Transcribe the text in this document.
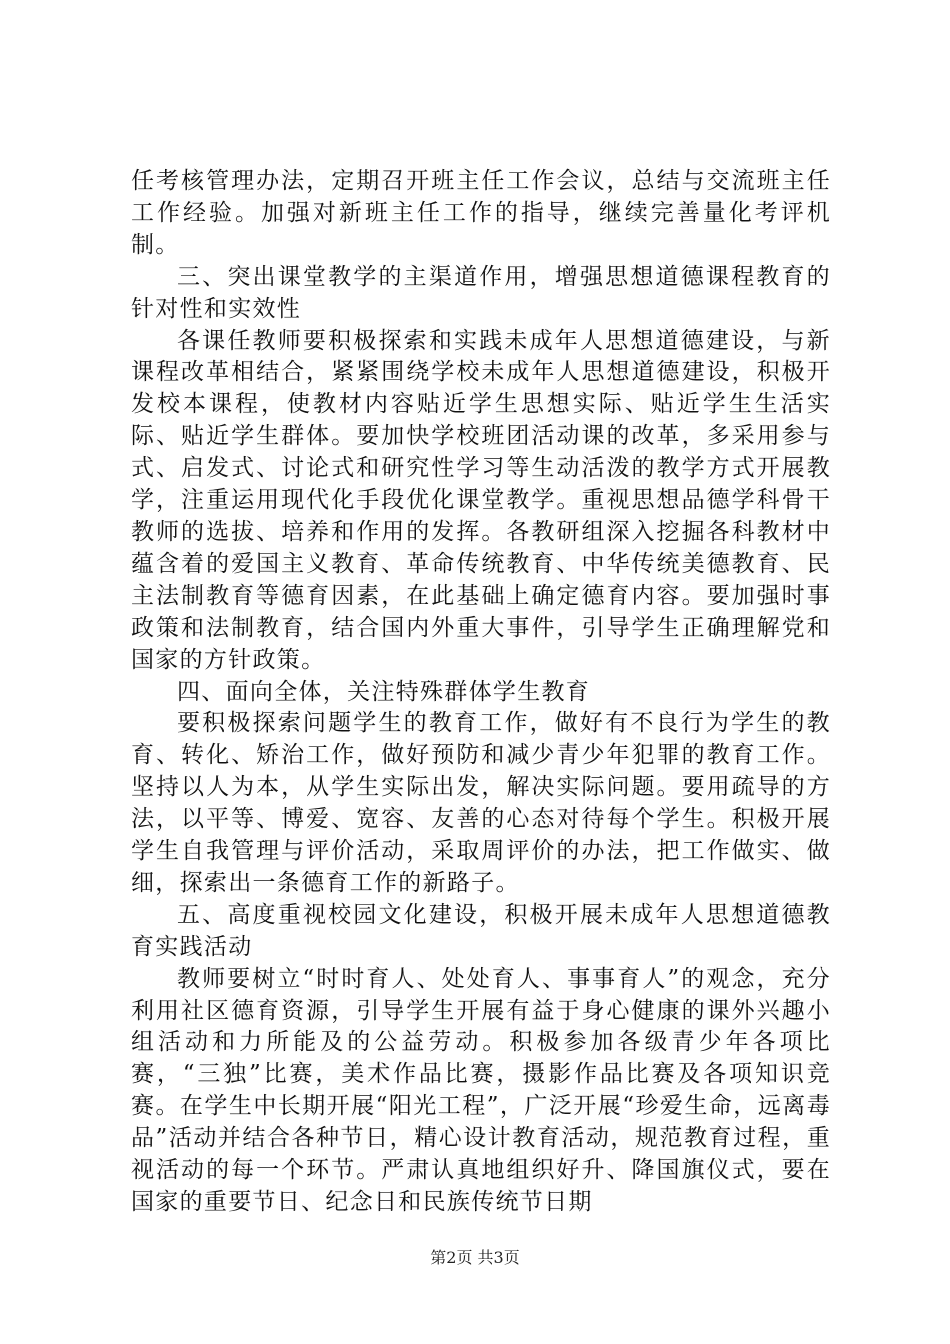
任考核管理办法，定期召开班主任工作会议，总结与交流班主任工作经验。加强对新班主任工作的指导，继续完善量化考评机制。

三、突出课堂教学的主渠道作用，增强思想道德课程教育的针对性和实效性

各课任教师要积极探索和实践未成年人思想道德建设，与新课程改革相结合，紧紧围绕学校未成年人思想道德建设，积极开发校本课程，使教材内容贴近学生思想实际、贴近学生生活实际、贴近学生群体。要加快学校班团活动课的改革，多采用参与式、启发式、讨论式和研究性学习等生动活泼的教学方式开展教学，注重运用现代化手段优化课堂教学。重视思想品德学科骨干教师的选拔、培养和作用的发挥。各教研组深入挖掘各科教材中蕴含着的爱国主义教育、革命传统教育、中华传统美德教育、民主法制教育等德育因素，在此基础上确定德育内容。要加强时事政策和法制教育，结合国内外重大事件，引导学生正确理解党和国家的方针政策。

四、面向全体，关注特殊群体学生教育

要积极探索问题学生的教育工作，做好有不良行为学生的教育、转化、矫治工作，做好预防和减少青少年犯罪的教育工作。坚持以人为本，从学生实际出发，解决实际问题。要用疏导的方法，以平等、博爱、宽容、友善的心态对待每个学生。积极开展学生自我管理与评价活动，采取周评价的办法，把工作做实、做细，探索出一条德育工作的新路子。

五、高度重视校园文化建设，积极开展未成年人思想道德教育实践活动

教师要树立“时时育人、处处育人、事事育人”的观念，充分利用社区德育资源，引导学生开展有益于身心健康的课外兴趣小组活动和力所能及的公益劳动。积极参加各级青少年各项比赛，“三独”比赛，美术作品比赛，摄影作品比赛及各项知识竞赛。在学生中长期开展“阳光工程”，广泛开展“珍爱生命，远离毒品”活动并结合各种节日，精心设计教育活动，规范教育过程，重视活动的每一个环节。严肃认真地组织好升、降国旗仪式，要在国家的重要节日、纪念日和民族传统节日期

第2页 共3页
